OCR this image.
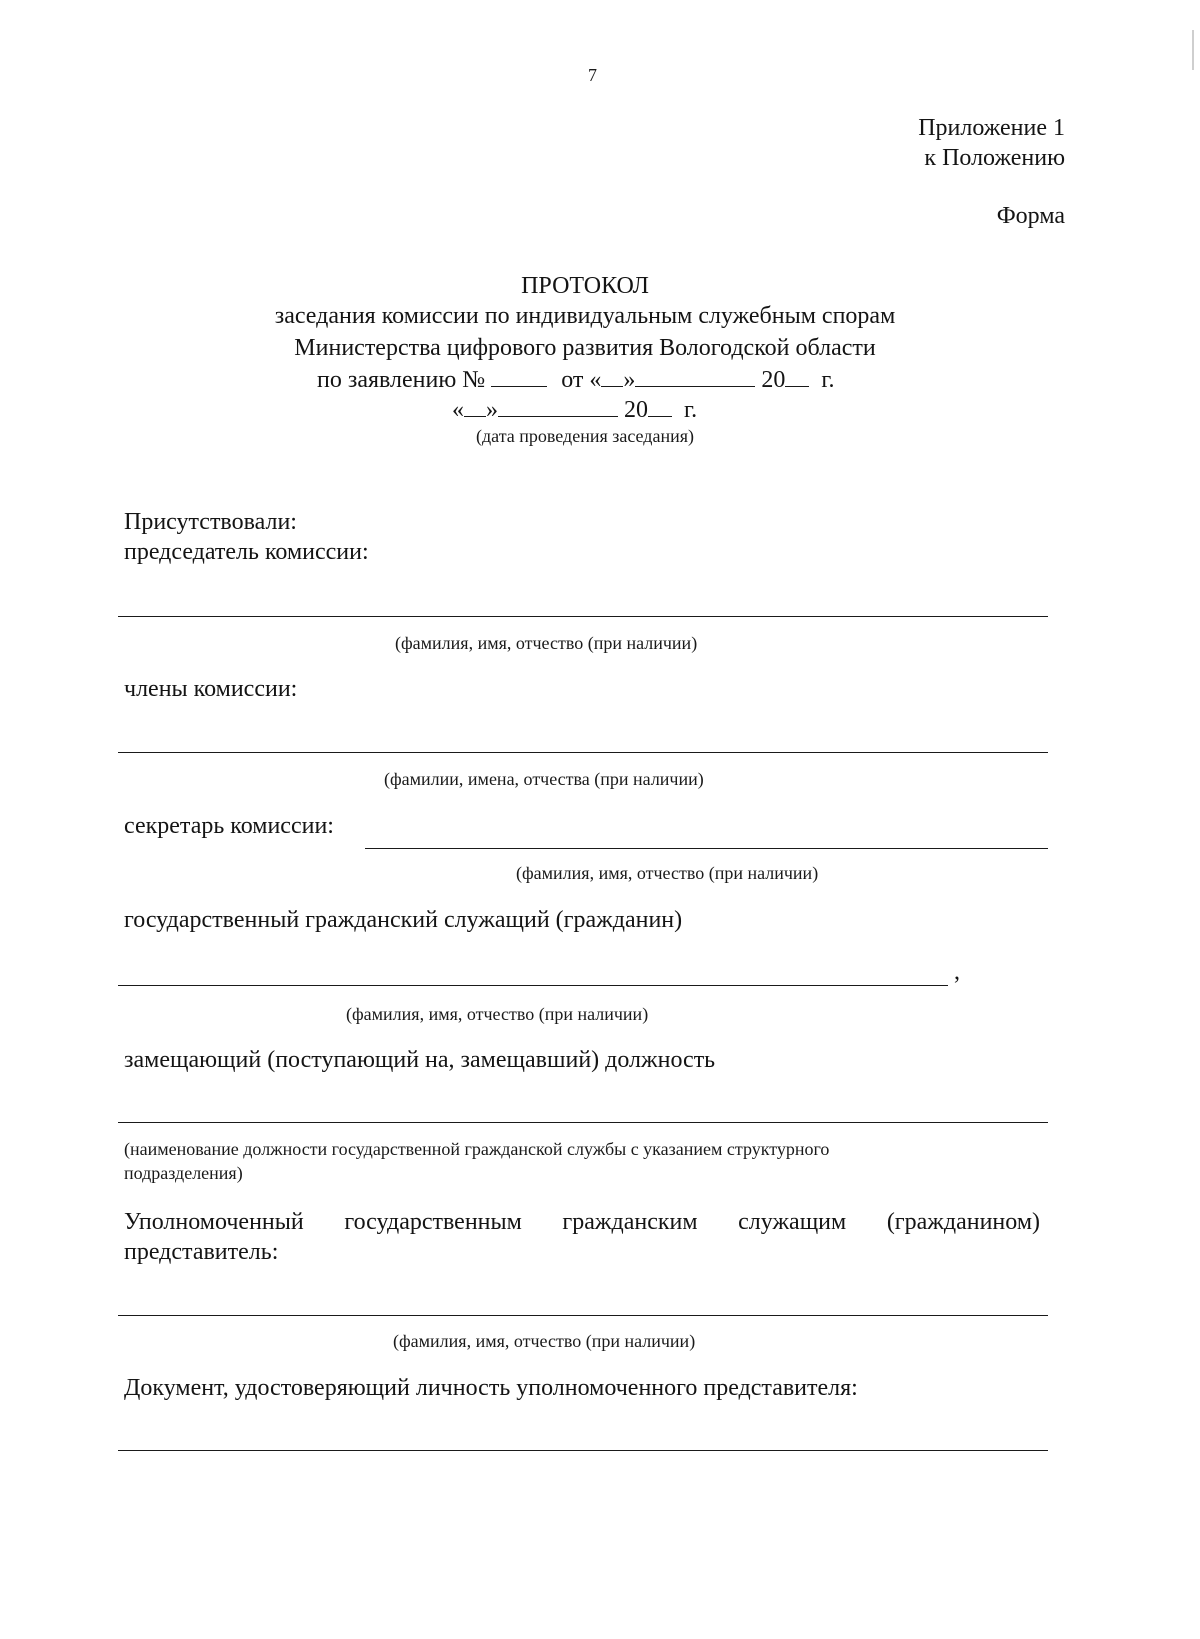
7
Приложение 1
к Положению
Форма
ПРОТОКОЛ
заседания комиссии по индивидуальным служебным спорам
Министерства цифрового развития Вологодской области
по заявлению №	от « »	20 г.
« »	20 г.
(дата проведения заседания)
Присутствовали:
председатель комиссии:
(фамилия, имя, отчество (при наличии)
члены комиссии:
(фамилии, имена, отчества (при наличии)
секретарь комиссии:
(фамилия, имя, отчество (при наличии)
государственный гражданский служащий (гражданин)
,
(фамилия, имя, отчество (при наличии)
замещающий (поступающий на, замещавший) должность
(наименование должности государственной гражданской службы с указанием структурного
подразделения)
Уполномоченный государственным гражданским служащим (гражданином)
представитель:
(фамилия, имя, отчество (при наличии)
Документ, удостоверяющий личность уполномоченного представителя:
